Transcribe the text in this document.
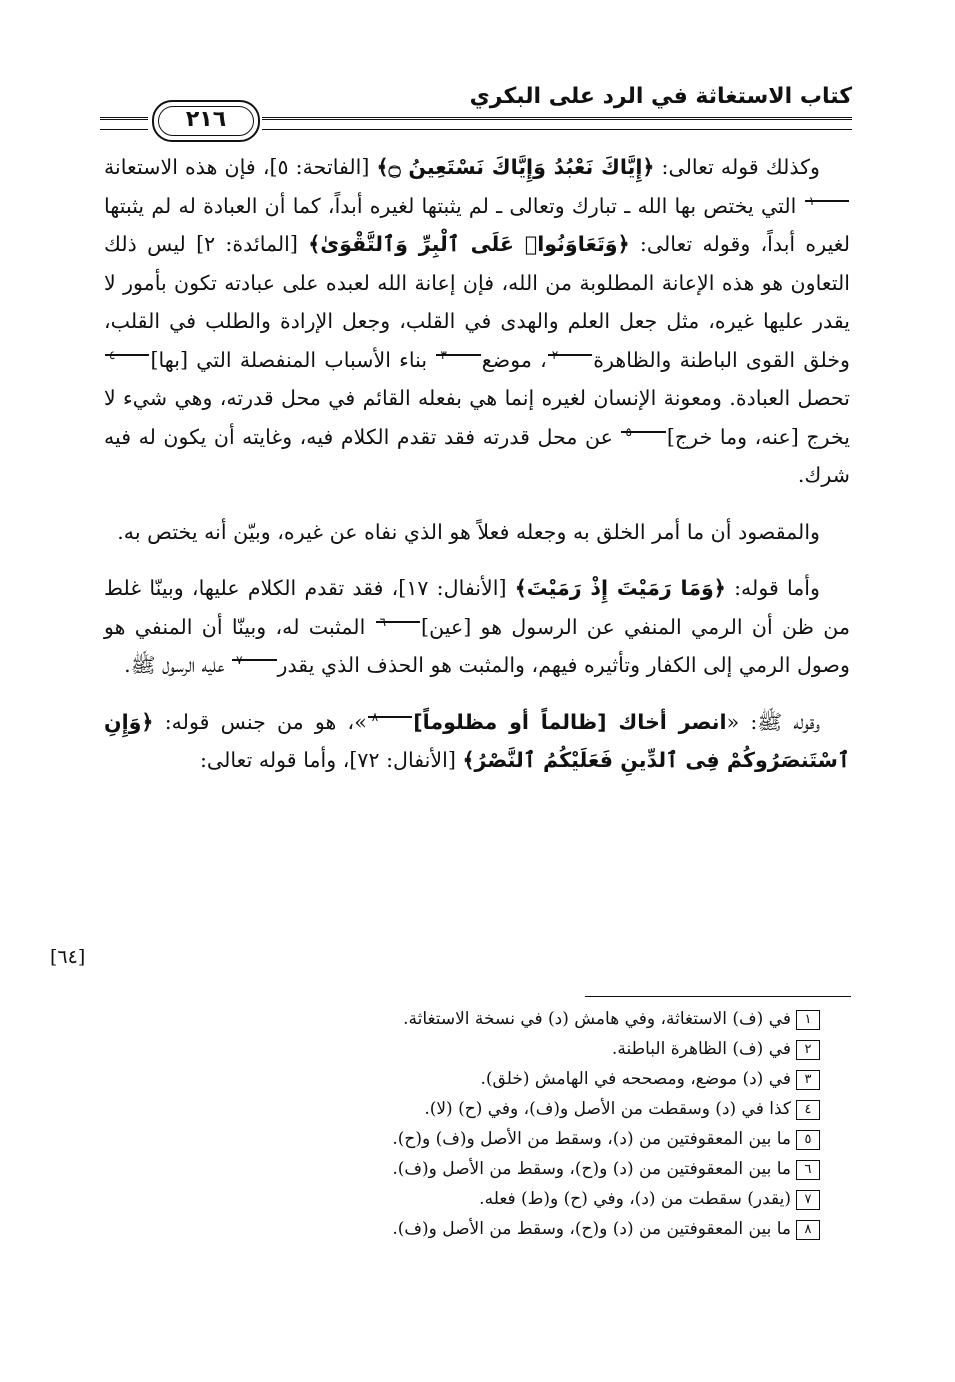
كتاب الاستغاثة في الرد على البكري
٢١٦

وكذلك قوله تعالى: ﴿إِيَّاكَ نَعْبُدُ وَإِيَّاكَ نَسْتَعِينُ ۝﴾ [الفاتحة: ٥]، فإن هذه الاستعانة١ التي يختص بها الله ـ تبارك وتعالى ـ لم يثبتها لغيره أبداً، كما أن العبادة له لم يثبتها لغيره أبداً، وقوله تعالى: ﴿وَتَعَاوَنُوا۟ عَلَى ٱلْبِرِّ وَٱلتَّقْوَىٰ﴾ [المائدة: ٢] ليس ذلك التعاون هو هذه الإعانة المطلوبة من الله، فإن إعانة الله لعبده على عبادته تكون بأمور لا يقدر عليها غيره، مثل جعل العلم والهدى في القلب، وجعل الإرادة والطلب في القلب، وخلق القوى الباطنة والظاهرة٢، موضع٣ بناء الأسباب المنفصلة التي [بها]٤ تحصل العبادة. ومعونة الإنسان لغيره إنما هي بفعله القائم في محل قدرته، وهي شيء لا يخرج [عنه، وما خرج]٥ عن محل قدرته فقد تقدم الكلام فيه، وغايته أن يكون له فيه شرك.

والمقصود أن ما أمر الخلق به وجعله فعلاً هو الذي نفاه عن غيره، وبيّن أنه يختص به.

وأما قوله: ﴿وَمَا رَمَيْتَ إِذْ رَمَيْتَ﴾ [الأنفال: ١٧]، فقد تقدم الكلام عليها، وبينّا غلط من ظن أن الرمي المنفي عن الرسول هو [عين]٦ المثبت له، وبينّا أن المنفي هو وصول الرمي إلى الكفار وتأثيره فيهم، والمثبت هو الحذف الذي يقدر٧ عليه الرسول ﷺ.

وقوله ﷺ: «انصر أخاك [ظالماً أو مظلوماً]٨»، هو من جنس قوله: ﴿وَإِنِ ٱسْتَنصَرُوكُمْ فِى ٱلدِّينِ فَعَلَيْكُمُ ٱلنَّصْرُ﴾ [الأنفال: ٧٢]، وأما قوله تعالى:

[٦٤]
١في (ف) الاستغاثة، وفي هامش (د) في نسخة الاستغاثة.
٢في (ف) الظاهرة الباطنة.
٣في (د) موضع، ومصححه في الهامش (خلق).
٤كذا في (د) وسقطت من الأصل و(ف)، وفي (ح) (لا).
٥ما بين المعقوفتين من (د)، وسقط من الأصل و(ف) و(ح).
٦ما بين المعقوفتين من (د) و(ح)، وسقط من الأصل و(ف).
٧(يقدر) سقطت من (د)، وفي (ح) و(ط) فعله.
٨ما بين المعقوفتين من (د) و(ح)، وسقط من الأصل و(ف).
